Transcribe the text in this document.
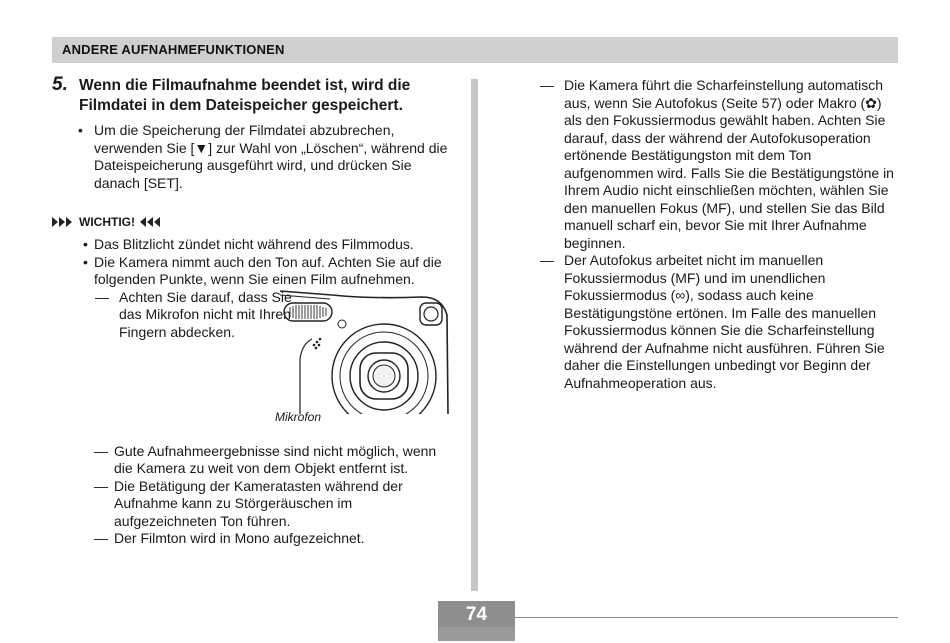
ANDERE AUFNAHMEFUNKTIONEN
5. Wenn die Filmaufnahme beendet ist, wird die Filmdatei in dem Dateispeicher gespeichert.
• Um die Speicherung der Filmdatei abzubrechen, verwenden Sie [▼] zur Wahl von „Löschen“, während die Dateispeicherung ausgeführt wird, und drücken Sie danach [SET].
WICHTIG!
• Das Blitzlicht zündet nicht während des Filmmodus.
• Die Kamera nimmt auch den Ton auf. Achten Sie auf die folgenden Punkte, wenn Sie einen Film aufnehmen.
— Achten Sie darauf, dass Sie das Mikrofon nicht mit Ihren Fingern abdecken.
Mikrofon
— Gute Aufnahmeergebnisse sind nicht möglich, wenn die Kamera zu weit von dem Objekt entfernt ist.
— Die Betätigung der Kameratasten während der Aufnahme kann zu Störgeräuschen im aufgezeichneten Ton führen.
— Der Filmton wird in Mono aufgezeichnet.
— Die Kamera führt die Scharfeinstellung automatisch aus, wenn Sie Autofokus (Seite 57) oder Makro (✿) als den Fokussiermodus gewählt haben. Achten Sie darauf, dass der während der Autofokusoperation ertönende Bestätigungston mit dem Ton aufgenommen wird. Falls Sie die Bestätigungstöne in Ihrem Audio nicht einschließen möchten, wählen Sie den manuellen Fokus (MF), und stellen Sie das Bild manuell scharf ein, bevor Sie mit Ihrer Aufnahme beginnen.
— Der Autofokus arbeitet nicht im manuellen Fokussiermodus (MF) und im unendlichen Fokussiermodus (∞), sodass auch keine Bestätigungstöne ertönen. Im Falle des manuellen Fokussiermodus können Sie die Scharfeinstellung während der Aufnahme nicht ausführen. Führen Sie daher die Einstellungen unbedingt vor Beginn der Aufnahmeoperation aus.
74
